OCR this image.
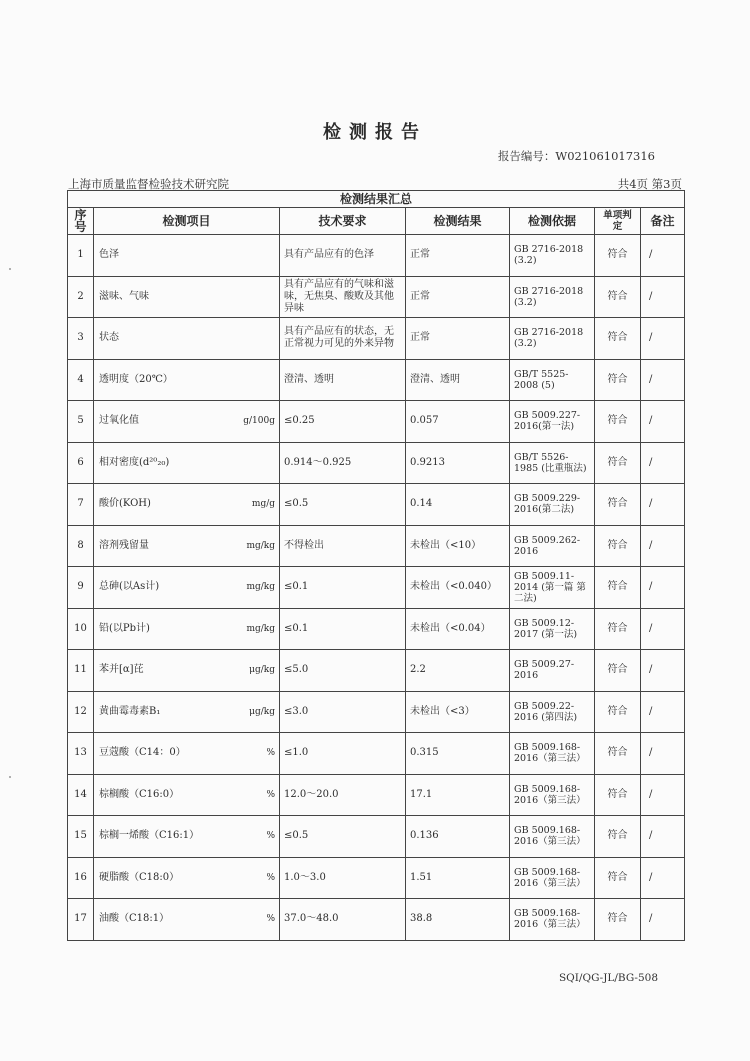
检测报告
报告编号：W021061017316
上海市质量监督检验技术研究院	共4页 第3页
检测结果汇总						
序号	检测项目	技术要求	检测结果	检测依据	单项判定	备注
1	色泽	具有产品应有的色泽	正常	GB 2716-2018 (3.2)	符合	/
2	滋味、气味	具有产品应有的气味和滋味，无焦臭、酸败及其他异味	正常	GB 2716-2018 (3.2)	符合	/
3	状态	具有产品应有的状态，无正常视力可见的外来异物	正常	GB 2716-2018 (3.2)	符合	/
4	透明度（20℃）	澄清、透明	澄清、透明	GB/T 5525-2008 (5)	符合	/
5	过氧化值 g/100g	≤0.25	0.057	GB 5009.227-2016(第一法)	符合	/
6	相对密度(d²⁰₂₀)	0.914～0.925	0.9213	GB/T 5526-1985 (比重瓶法)	符合	/
7	酸价(KOH) mg/g	≤0.5	0.14	GB 5009.229-2016(第二法)	符合	/
8	溶剂残留量 mg/kg	不得检出	未检出（<10）	GB 5009.262-2016	符合	/
9	总砷(以As计) mg/kg	≤0.1	未检出（<0.040）	GB 5009.11-2014 (第一篇 第二法)	符合	/
10	铅(以Pb计) mg/kg	≤0.1	未检出（<0.04）	GB 5009.12-2017 (第一法)	符合	/
11	苯并[α]芘 μg/kg	≤5.0	2.2	GB 5009.27-2016	符合	/
12	黄曲霉毒素B₁ μg/kg	≤3.0	未检出（<3）	GB 5009.22-2016 (第四法)	符合	/
13	豆蔻酸（C14：0） %	≤1.0	0.315	GB 5009.168-2016（第三法）	符合	/
14	棕榈酸（C16:0） %	12.0～20.0	17.1	GB 5009.168-2016（第三法）	符合	/
15	棕榈一烯酸（C16:1） %	≤0.5	0.136	GB 5009.168-2016（第三法）	符合	/
16	硬脂酸（C18:0） %	1.0～3.0	1.51	GB 5009.168-2016（第三法）	符合	/
17	油酸（C18:1） %	37.0～48.0	38.8	GB 5009.168-2016（第三法）	符合	/
SQI/QG-JL/BG-508
